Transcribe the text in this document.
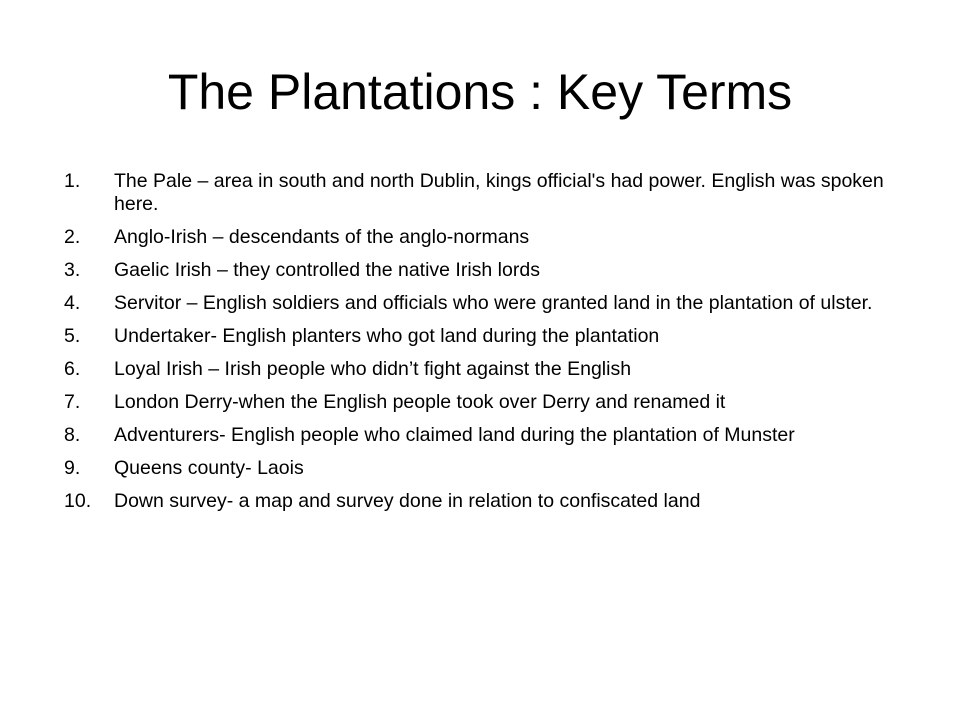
The Plantations : Key Terms
1.	The Pale – area in south and north Dublin, kings official's had power. English was spoken here.
2.	Anglo-Irish – descendants of the anglo-normans
3.	Gaelic Irish – they controlled the native Irish lords
4.	Servitor – English soldiers and officials who were granted land in the plantation of ulster.
5.	Undertaker- English planters who got land during the plantation
6.	Loyal Irish – Irish people who didn’t fight against the English
7.	London Derry-when the English people took over Derry and renamed it
8.	Adventurers- English people who claimed land during the plantation of Munster
9.	Queens county- Laois
10.	Down survey- a map and survey done in relation to confiscated land
